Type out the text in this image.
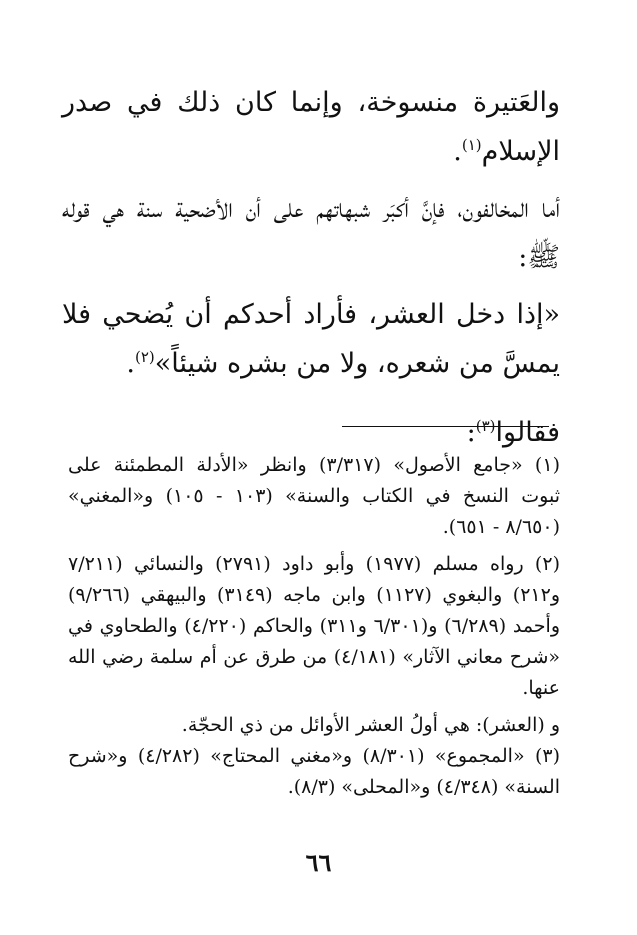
والعَتيرة منسوخة، وإنما كان ذلك في صدر الإسلام$^{(١)}$.

أما المخالفون، فإنَّ أكبَر شبهاتهم على أن الأضحية سنة هي قوله ﷺ:

«إذا دخل العشر، فأراد أحدكم أن يُضحي فلا يمسَّ من شعره، ولا من بشره شيئاً»$^{(٢)}$.

فقالوا$^{(٣)}$:

(١) «جامع الأصول» (٣/٣١٧) وانظر «الأدلة المطمئنة على ثبوت النسخ في الكتاب والسنة» (١٠٣ - ١٠٥) و«المغني» (٨/٦٥٠ - ٦٥١).

(٢) رواه مسلم (١٩٧٧) وأبو داود (٢٧٩١) والنسائي (٧/٢١١ و٢١٢) والبغوي (١١٢٧) وابن ماجه (٣١٤٩) والبيهقي (٩/٢٦٦) وأحمد (٦/٢٨٩) و(٦/٣٠١ و٣١١) والحاكم (٤/٢٢٠) والطحاوي في «شرح معاني الآثار» (٤/١٨١) من طرق عن أم سلمة رضي الله عنها.

و (العشر): هي أولُ العشر الأوائل من ذي الحجّة.

(٣) «المجموع» (٨/٣٠١) و«مغني المحتاج» (٤/٢٨٢) و«شرح السنة» (٤/٣٤٨) و«المحلى» (٨/٣).

٦٦
